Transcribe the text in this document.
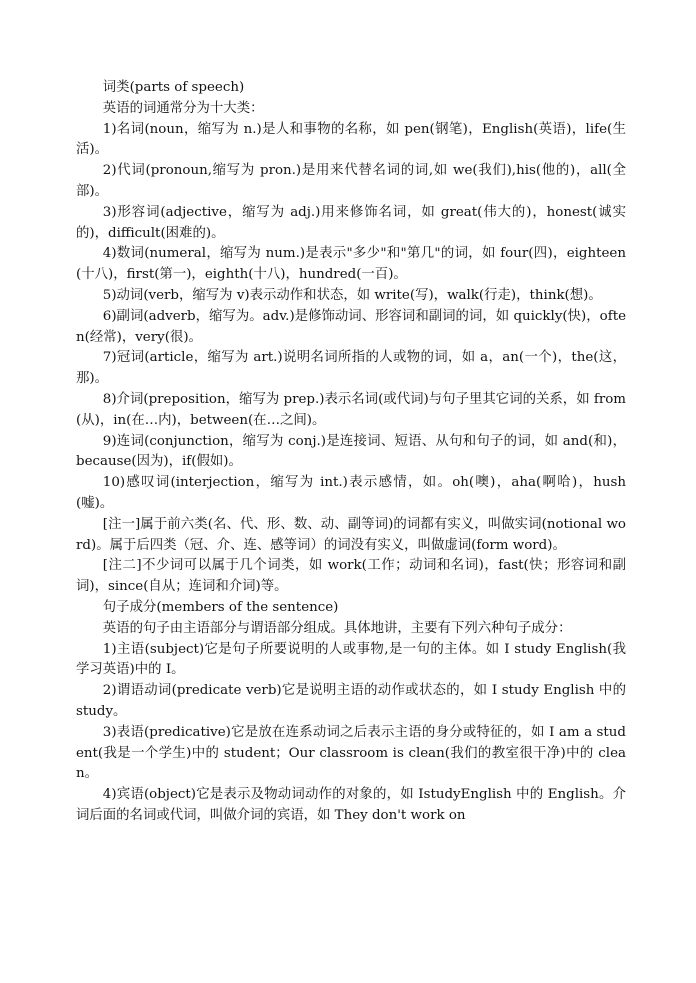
词类(parts of speech)

英语的词通常分为十大类：

1)名词(noun，缩写为 n.)是人和事物的名称，如 pen(钢笔)，English(英语)，life(生活)。

2)代词(pronoun,缩写为 pron.)是用来代替名词的词,如 we(我们),his(他的)，all(全部)。

3)形容词(adjective，缩写为 adj.)用来修饰名词，如 great(伟大的)，honest(诚实的)，difficult(困难的)。

4)数词(numeral，缩写为 num.)是表示"多少"和"第几"的词，如 four(四)，eighteen(十八)，first(第一)，eighth(十八)，hundred(一百)。

5)动词(verb，缩写为 v)表示动作和状态，如 write(写)，walk(行走)，think(想)。

6)副词(adverb，缩写为。adv.)是修饰动词、形容词和副词的词，如 quickly(快)，often(经常)，very(很)。

7)冠词(article，缩写为 art.)说明名词所指的人或物的词，如 a，an(一个)，the(这，那)。

8)介词(preposition，缩写为 prep.)表示名词(或代词)与句子里其它词的关系，如 from(从)，in(在…内)，between(在…之间)。

9)连词(conjunction，缩写为 conj.)是连接词、短语、从句和句子的词，如 and(和)，because(因为)，if(假如)。

10)感叹词(interjection，缩写为 int.)表示感情，如。oh(噢)，aha(啊哈)，hush(嘘)。

[注一]属于前六类(名、代、形、数、动、副等词)的词都有实义，叫做实词(notional word)。属于后四类（冠、介、连、感等词）的词没有实义，叫做虚词(form word)。

[注二]不少词可以属于几个词类，如 work(工作；动词和名词)，fast(快；形容词和副词)，since(自从；连词和介词)等。

句子成分(members of the sentence)

英语的句子由主语部分与谓语部分组成。具体地讲，主要有下列六种句子成分：

1)主语(subject)它是句子所要说明的人或事物,是一句的主体。如 I study English(我学习英语)中的 I。

2)谓语动词(predicate verb)它是说明主语的动作或状态的，如 I study English 中的 study。

3)表语(predicative)它是放在连系动词之后表示主语的身分或特征的，如 I am a student(我是一个学生)中的 student；Our classroom is clean(我们的教室很干净)中的 clean。

4)宾语(object)它是表示及物动词动作的对象的，如 IstudyEnglish 中的 English。介词后面的名词或代词，叫做介词的宾语，如 They don't work on
